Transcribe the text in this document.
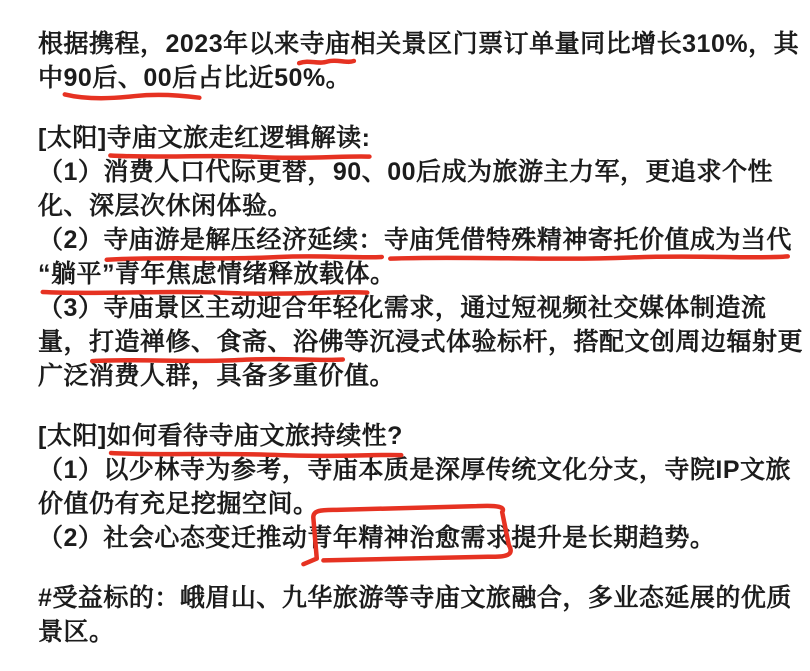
根据携程，2023年以来寺庙
相关景区门票订单量同比增长310%，其
中90后、00后
占比近50%。
[太阳]寺庙文旅走红逻辑解读:
（1）消费人口代际更替，90、00后成为旅游主力军，更追求个性
化、深层次休闲体验。
（2）寺庙游是解压经济延续：
寺庙凭借特殊精神寄托价值成为当代
“躺平”青年焦虑情绪释放载体
。
（3）寺庙景区主动迎合年轻化需求，通过短视频社交媒体制造流
量，打造禅修、食斋、浴佛
等沉浸式体验标杆，搭配文创周边辐射更
广泛消费人群，具备多重价值。
[太阳]如何看待寺庙文旅持续性?
（1）以少林寺为参考，寺庙本质是深厚传统文化分支，寺院IP文旅
价值仍有充足挖掘空间。
（2）社会心态变迁推动青年精神治愈需求
提升是长期趋势。
#受益标的：峨眉山、九华旅游等寺庙文旅融合，多业态延展的优质
景区。
